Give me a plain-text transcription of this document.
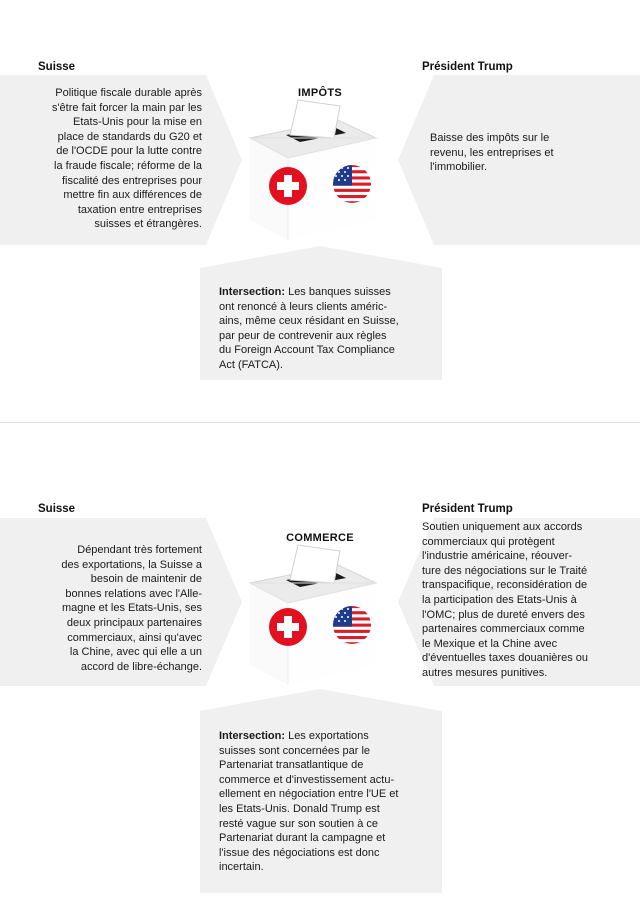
Suisse
Politique fiscale durable après
s'être fait forcer la main par les
Etats-Unis pour la mise en
place de standards du G20 et
de l'OCDE pour la lutte contre
la fraude fiscale; réforme de la
fiscalité des entreprises pour
mettre fin aux différences de
taxation entre entreprises
suisses et étrangères.
Président Trump
Baisse des impôts sur le
revenu, les entreprises et
l'immobilier.
IMPÔTS
Intersection: Les banques suisses
ont renoncé à leurs clients améric-
ains, même ceux résidant en Suisse,
par peur de contrevenir aux règles
du Foreign Account Tax Compliance
Act (FATCA).
Suisse
Dépendant très fortement
des exportations, la Suisse a
besoin de maintenir de
bonnes relations avec l'Alle-
magne et les Etats-Unis, ses
deux principaux partenaires
commerciaux, ainsi qu'avec
la Chine, avec qui elle a un
accord de libre-échange.
Président Trump
Soutien uniquement aux accords
commerciaux qui protègent
l'industrie américaine, réouver-
ture des négociations sur le Traité
transpacifique, reconsidération de
la participation des Etats-Unis à
l'OMC; plus de dureté envers des
partenaires commerciaux comme
le Mexique et la Chine avec
d'éventuelles taxes douanières ou
autres mesures punitives.
COMMERCE
Intersection: Les exportations
suisses sont concernées par le
Partenariat transatlantique de
commerce et d'investissement actu-
ellement en négociation entre l'UE et
les Etats-Unis. Donald Trump est
resté vague sur son soutien à ce
Partenariat durant la campagne et
l'issue des négociations est donc
incertain.
